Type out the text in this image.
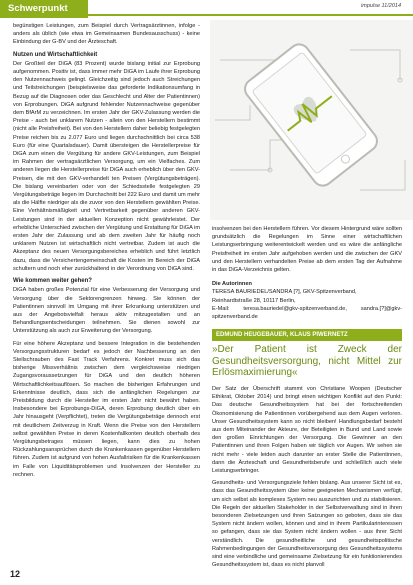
Schwerpunkt	impulse 11/2014

begünstigen Leistungen, zum Beispiel durch Vertragsärztinnen, infolge - anders als üblich (wie etwa im Gemeinsamen Bundesausschuss) - keine Einbindung der G-BV und der Ärzteschaft.

Nutzen und Wirtschaftlichkeit

Der Großteil der DiGA (83 Prozent) wurde bislang initial zur Erprobung aufgenommen. Positiv ist, dass immer mehr DiGA im Laufe ihrer Erprobung den Nutzennachweis gelingt. Gleichzeitig sind jedoch auch Streichungen und Teilstreichungen (beispielsweise das geforderte Indikationsumfang in Bezug auf die Diagnosen oder das Geschlecht und Alter der Patientinnen) von Erprobungen. DiGA aufgrund fehlender Nutzennachweise gegenüber dem BfArM zu verzeichnen. Im ersten Jahr der GKV-Zulassung werden die Preise - auch bei unklarem Nutzen - allein von den Herstellern bestimmt (nicht alle Preisfreiheit). Bei von den Herstellern daher beliebig festgelegten Preise reichen bis zu 2.077 Euro und liegen durchschnittlich bei circa 538 Euro (für eine Quartalsdauer). Damit übersteigen die Herstellerpreise für DiGA zum einen die Vergütung für andere GKV-Leistungen, zum Beispiel im Rahmen der vertragsärztlichen Versorgung, um ein Vielfaches. Zum anderen liegen die Herstellerpreise für DiGA auch erheblich über den GKV-Preisen, die mit den GKV-verhandelt ten Preisen (Vergütungsbeträgen). Die bislang vereinbarten oder von der Schiedsstelle festgelegten 29 Vergütungsbeträge liegen im Durchschnitt bei 222 Euro und damit um mehr als die Hälfte niedriger als die zuvor von den Herstellern gewählten Preise. Eine Verhältnismäßigkeit und Vertretbarkeit gegenüber anderen GKV-Leistungen sind in der aktuellen Konzeption nicht gewährleistet. Der erhebliche Unterschied zwischen der Vergütung und Erstattung für DiGA im ersten Jahr der Zulassung und ab dem zweiten Jahr für häufig noch unklarem Nutzen ist wirtschaftlich nicht vertretbar. Zudem ist auch die Akzeptanz des neuen Versorgungsbereiches erheblich und führt letztlich dazu, dass die Versichertengemeinschaft die Kosten im Bereich der DiGA schultern und noch eher zurückhaltend in der Verordnung von DiGA sind.

Wie kommen weiter gehen?

DiGA haben großes Potenzial für eine Verbesserung der Versorgung und Versorgung über die Sektorengrenzen hinweg. Sie können der Patientinnen sinnvoll im Umgang mit ihrer Erkrankung unterstützen und aus der Angebotsvielfalt heraus aktiv mitzugestalten und an Behandlungsentscheidungen teilnehmen. Sie dienen sowohl zur Unterstützung als auch zur Erweiterung der Versorgung.

Für eine höhere Akzeptanz und bessere Integration in die bestehenden Versorgungsstrukturen bedarf es jedoch der Nachbesserung an den Stellschrauben des Fast Track Verfahrens. Konkret muss sich das bisherige Missverhältnis zwischen dem vergleichsweise niedrigen Zugangsvoraussetzungen für DiGA und den deutlich höheren Wirtschaftlichkeitsauflösen. So machen die bisherigen Erfahrungen und Erkenntnisse deutlich, dass sich die anfänglichen Regelungen zur Preisbildung durch die Hersteller im ersten Jahr nicht bewährt haben. Insbesondere bei Erprobungs-DiGA, deren Erprobung deutlich über ein Jahr hinausgeht (Verpflichtet), treten die Vergütungsbeträge dennoch erst mit deutlichem Zeitverzug in Kraft. Wenn die Preise von den Herstellern selbst gewählten Preise in deren Kostenfallkonten deutlich oberhalb des Vergütungsbetrages müssen liegen, kann dies zu hohen Rückzahlungsansprüchen durch die Krankenkassen gegenüber Herstellern führen. Zudem ist aufgrund von hohen Ausfallrisiken für die Krankenkassen im Falle von Liquiditätsproblemen und Insolvenzen der Hersteller zu rechnen.

insolvenzen bei den Herstellern führen. Vor diesem Hintergrund wäre sollten grundsätzlich die Regelungen im Sinne einer wirtschaftlichen Leistungserbringung weiterentwickelt werden und es wäre die anfängliche Preisfreiheit im ersten Jahr aufgehoben werden und die zwischen der GKV und den Herstellern verhandelten Preise ab dem ersten Tag der Aufnahme in das DiGA-Verzeichnis gelten.

Die Autorinnen
TERESA BAURIEDEL/SANDRA [?], GKV-Spitzenverband,
Reinhardtstraße 28, 10117 Berlin,
E-Mail: teresa.bauriedel@gkv-spitzenverband.de, sandra.[?]@gkv-spitzenverband.de
EDMUND HEUGEBAUER, KLAUS PIWERNETZ
»Der Patient ist Zweck der Gesundheitsversorgung, nicht Mittel zur Erlösmaximierung«

Der Satz der Überschrift stammt von Christiane Woopen (Deutscher Ethikrat, Oktober 2014) und bringt einen wichtigen Konflikt auf den Punkt: Das deutsche Gesundheitssystem hat bei der fortschreitenden Ökonomisierung die Patientinnen vorübergehend aus dem Augen verloren. Unser Gesundheitssystem kann so nicht bleiben! Handlungsbedarf besteht aus dem Miteinander der Akteure, der Beteiligten in Bund und Land sowie den großen Einrichtungen der Versorgung. Die Gewinner an den Patientinnen und ihren Folgen haben wir täglich vor Augen. Wir sehen sie nicht mehr - viele leiden auch darunter an erster Stelle die Patientinnen, dann die Ärzteschaft und Gesundheitsberufe und schließlich auch viele Leistungserbringer.

Gesundheits- und Versorgungsziele fehlen bislang. Aus unserer Sicht ist es, dass das Gesundheitssystem über keine geeigneten Mechanismen verfügt, um sich selbst als komplexes System neu auszurichten und zu stabilisieren. Die Regeln der aktuellen Stakeholder in der Selbstverwaltung sind in ihren besonderen Zielsetzungen und ihren Satzungen so geboten, dass sie das System nicht ändern wollen, können und sind in ihrem Partikularinteressen so gefangen, dass sie das System nicht ändern wollen - aus ihrer Sicht verständlich. Die gesundheitliche und gesundheitspolitische Rahmenbedingungen der Gesundheitsversorgung des Gesundheitssystems sind eine verbindliche und gemeinsame Zielsetzung für ein funktionierendes Gesundheitssystem ist, dass es nicht planvoll

12
